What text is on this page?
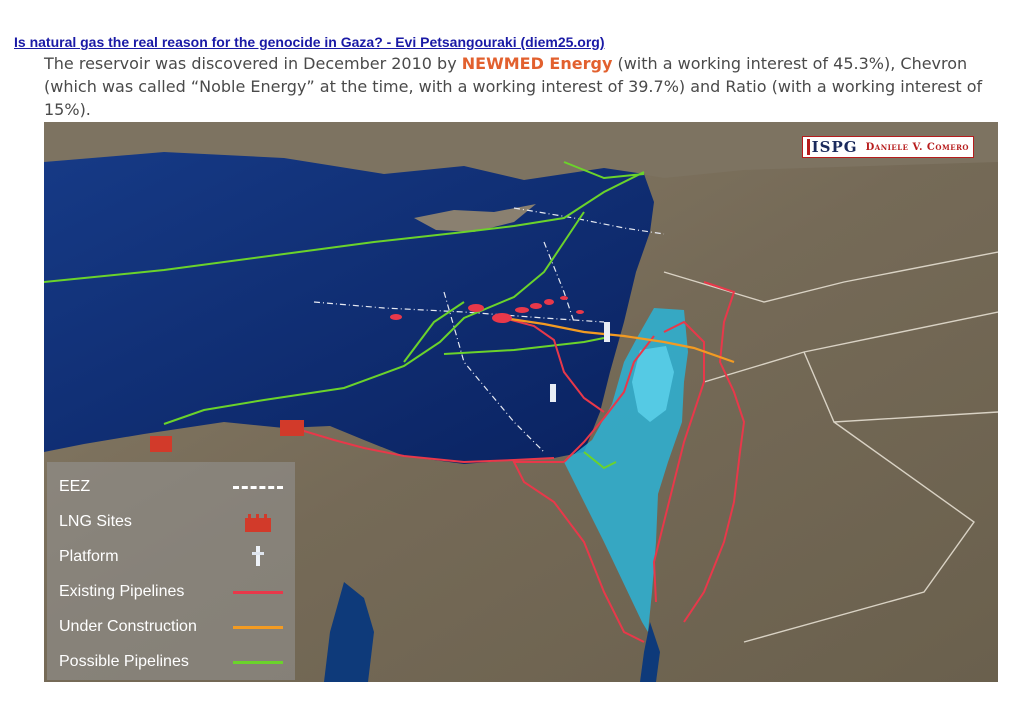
Is natural gas the real reason for the genocide in Gaza? - Evi Petsangouraki (diem25.org)
The reservoir was discovered in December 2010 by NEWMED Energy (with a working interest of 45.3%), Chevron (which was called “Noble Energy” at the time, with a working interest of 39.7%) and Ratio (with a working interest of 15%).
ISPG Daniele V. Comero
EEZ
LNG Sites
Platform
Existing Pipelines
Under Construction
Possible Pipelines
